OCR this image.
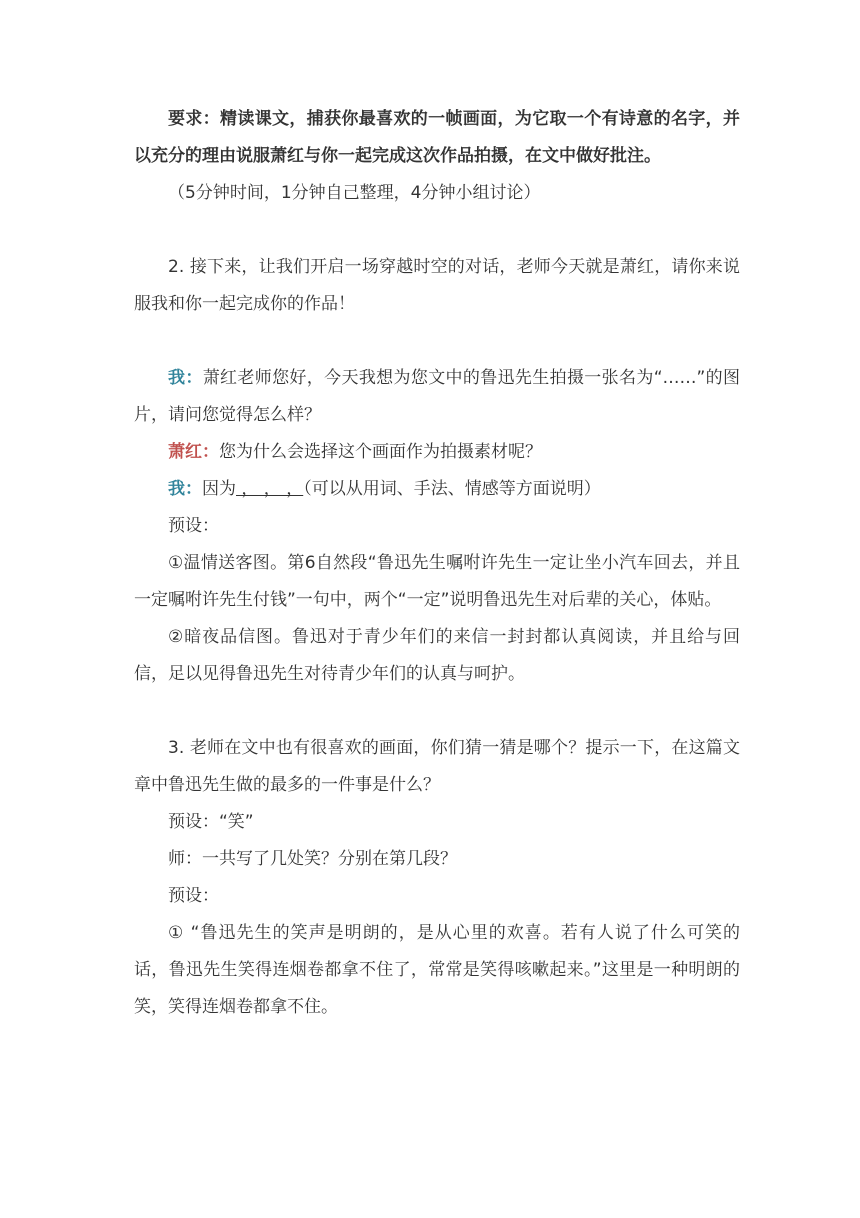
要求：精读课文，捕获你最喜欢的一帧画面，为它取一个有诗意的名字，并以充分的理由说服萧红与你一起完成这次作品拍摄，在文中做好批注。

（5分钟时间，1分钟自己整理，4分钟小组讨论）

2. 接下来，让我们开启一场穿越时空的对话，老师今天就是萧红，请你来说服我和你一起完成你的作品！

我：萧红老师您好，今天我想为您文中的鲁迅先生拍摄一张名为“……”的图片，请问您觉得怎么样？

萧红：您为什么会选择这个画面作为拍摄素材呢？

我：因为 ， ， ，（可以从用词、手法、情感等方面说明）

预设：

①温情送客图。第6自然段“鲁迅先生嘱咐许先生一定让坐小汽车回去，并且一定嘱咐许先生付钱”一句中，两个“一定”说明鲁迅先生对后辈的关心，体贴。

②暗夜品信图。鲁迅对于青少年们的来信一封封都认真阅读，并且给与回信，足以见得鲁迅先生对待青少年们的认真与呵护。

3. 老师在文中也有很喜欢的画面，你们猜一猜是哪个？提示一下，在这篇文章中鲁迅先生做的最多的一件事是什么？

预设：“笑”

师：一共写了几处笑？分别在第几段？

预设：

① “鲁迅先生的笑声是明朗的，是从心里的欢喜。若有人说了什么可笑的话，鲁迅先生笑得连烟卷都拿不住了，常常是笑得咳嗽起来。”这里是一种明朗的笑，笑得连烟卷都拿不住。
